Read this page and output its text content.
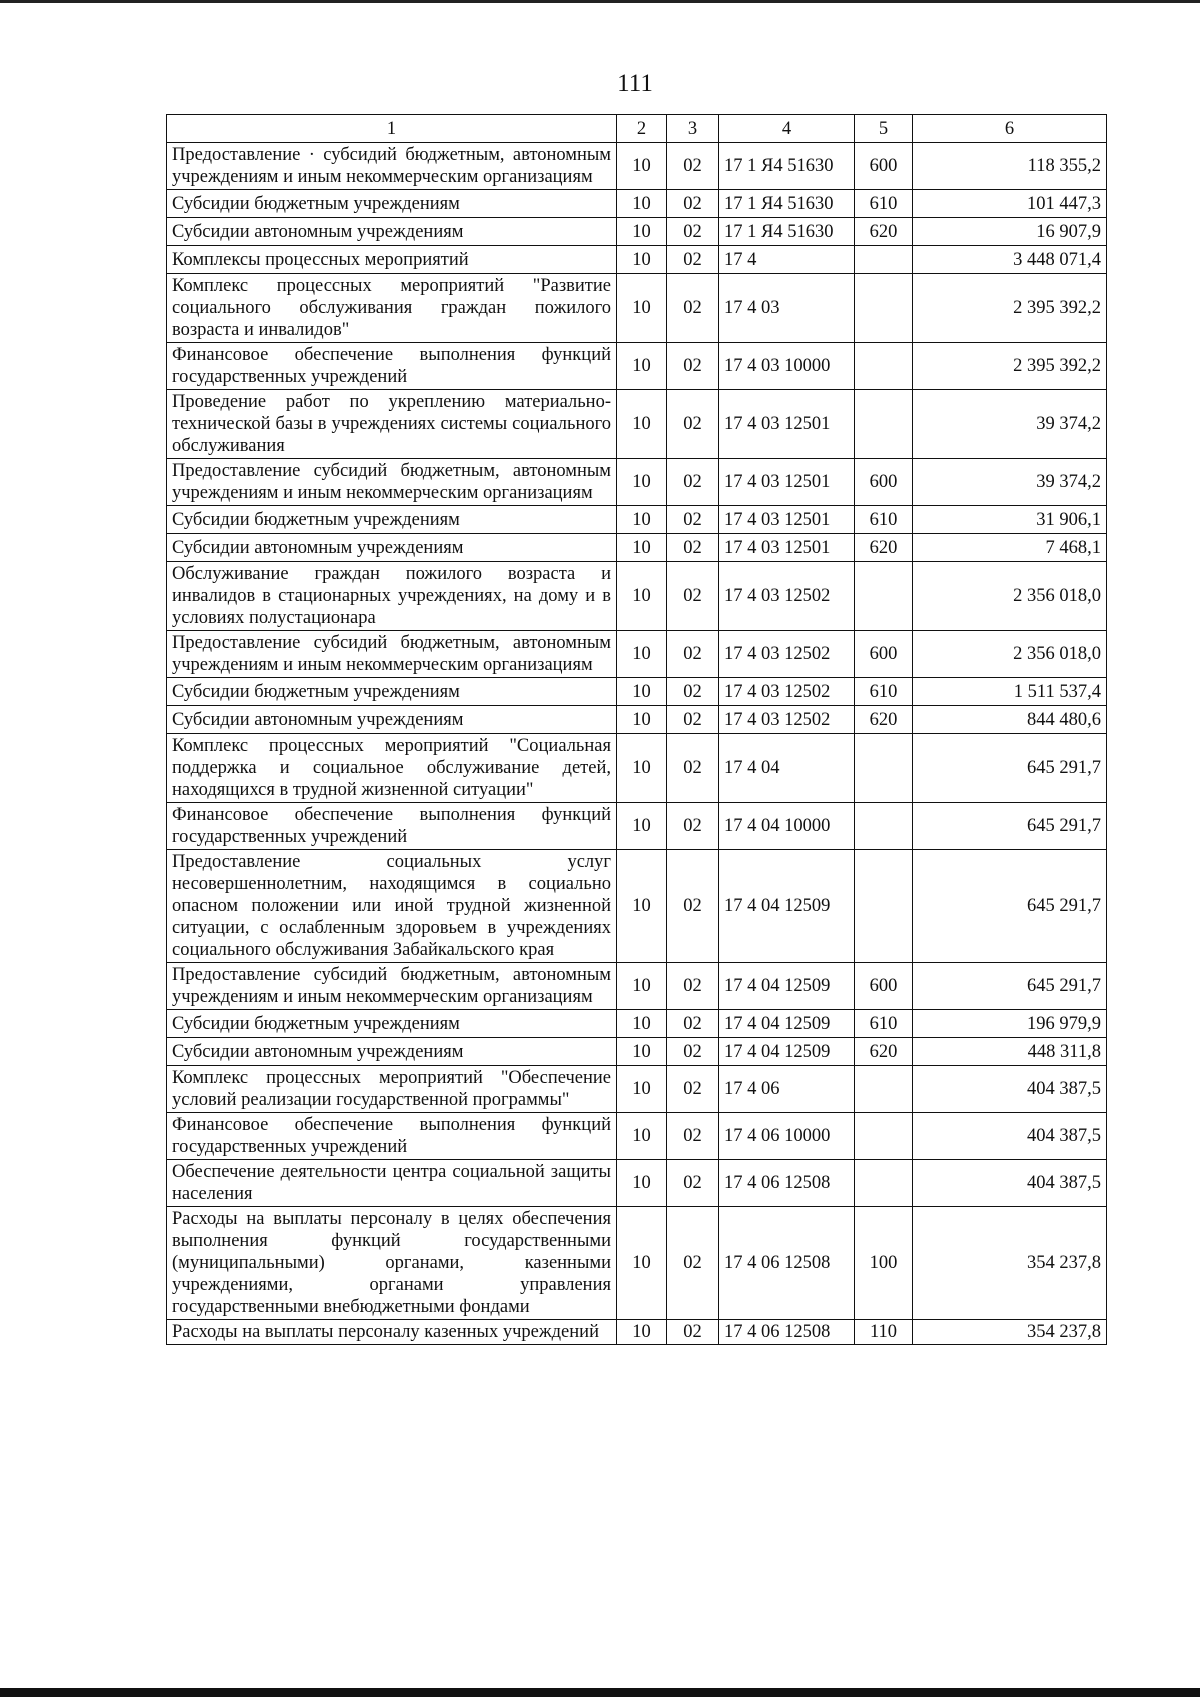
111
1	2	3	4	5	6
Предоставление · субсидий бюджетным, автономным учреждениям и иным некоммерческим организациям	10	02	17 1 Я4 51630	600	118 355,2
Субсидии бюджетным учреждениям	10	02	17 1 Я4 51630	610	101 447,3
Субсидии автономным учреждениям	10	02	17 1 Я4 51630	620	16 907,9
Комплексы процессных мероприятий	10	02	17 4		3 448 071,4
Комплекс процессных мероприятий "Развитие социального обслуживания граждан пожилого возраста и инвалидов"	10	02	17 4 03		2 395 392,2
Финансовое обеспечение выполнения функций государственных учреждений	10	02	17 4 03 10000		2 395 392,2
Проведение работ по укреплению материально-технической базы в учреждениях системы социального обслуживания	10	02	17 4 03 12501		39 374,2
Предоставление субсидий бюджетным, автономным учреждениям и иным некоммерческим организациям	10	02	17 4 03 12501	600	39 374,2
Субсидии бюджетным учреждениям	10	02	17 4 03 12501	610	31 906,1
Субсидии автономным учреждениям	10	02	17 4 03 12501	620	7 468,1
Обслуживание граждан пожилого возраста и инвалидов в стационарных учреждениях, на дому и в условиях полустационара	10	02	17 4 03 12502		2 356 018,0
Предоставление субсидий бюджетным, автономным учреждениям и иным некоммерческим организациям	10	02	17 4 03 12502	600	2 356 018,0
Субсидии бюджетным учреждениям	10	02	17 4 03 12502	610	1 511 537,4
Субсидии автономным учреждениям	10	02	17 4 03 12502	620	844 480,6
Комплекс процессных мероприятий "Социальная поддержка и социальное обслуживание детей, находящихся в трудной жизненной ситуации"	10	02	17 4 04		645 291,7
Финансовое обеспечение выполнения функций государственных учреждений	10	02	17 4 04 10000		645 291,7
Предоставление социальных услуг несовершеннолетним, находящимся в социально опасном положении или иной трудной жизненной ситуации, с ослабленным здоровьем в учреждениях социального обслуживания Забайкальского края	10	02	17 4 04 12509		645 291,7
Предоставление субсидий бюджетным, автономным учреждениям и иным некоммерческим организациям	10	02	17 4 04 12509	600	645 291,7
Субсидии бюджетным учреждениям	10	02	17 4 04 12509	610	196 979,9
Субсидии автономным учреждениям	10	02	17 4 04 12509	620	448 311,8
Комплекс процессных мероприятий "Обеспечение условий реализации государственной программы"	10	02	17 4 06		404 387,5
Финансовое обеспечение выполнения функций государственных учреждений	10	02	17 4 06 10000		404 387,5
Обеспечение деятельности центра социальной защиты населения	10	02	17 4 06 12508		404 387,5
Расходы на выплаты персоналу в целях обеспечения выполнения функций государственными (муниципальными) органами, казенными учреждениями, органами управления государственными внебюджетными фондами	10	02	17 4 06 12508	100	354 237,8
Расходы на выплаты персоналу казенных учреждений	10	02	17 4 06 12508	110	354 237,8
